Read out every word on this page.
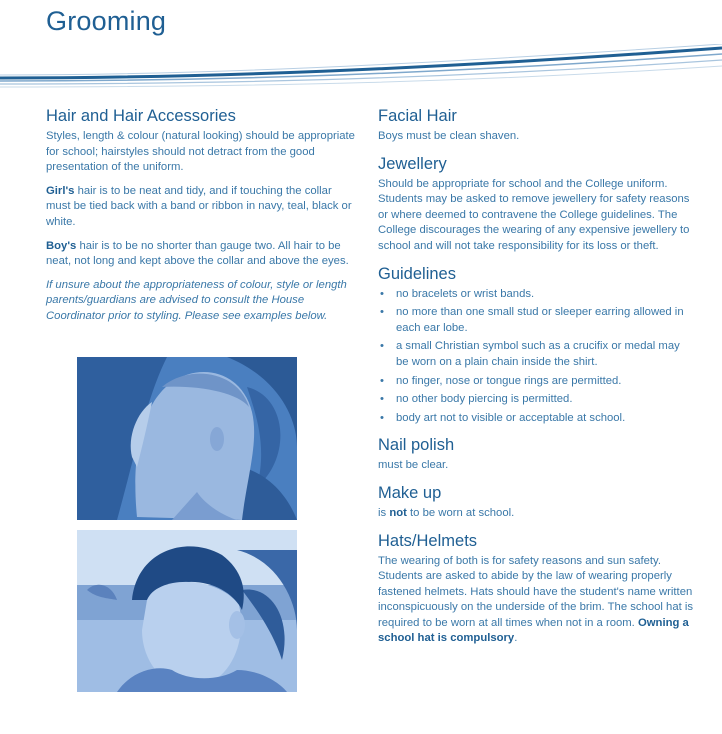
Grooming
Hair and Hair Accessories

Styles, length & colour (natural looking) should be appropriate for school; hairstyles should not detract from the good presentation of the uniform.

Girl's hair is to be neat and tidy, and if touching the collar must be tied back with a band or ribbon in navy, teal, black or white.

Boy's hair is to be no shorter than gauge two. All hair to be neat, not long and kept above the collar and above the eyes.

If unsure about the appropriateness of colour, style or length parents/guardians are advised to consult the House Coordinator prior to styling. Please see examples below.

Facial Hair

Boys must be clean shaven.

Jewellery

Should be appropriate for school and the College uniform. Students may be asked to remove jewellery for safety reasons or where deemed to contravene the College guidelines. The College discourages the wearing of any expensive jewellery to school and will not take responsibility for its loss or theft.

Guidelines
• no bracelets or wrist bands.
• no more than one small stud or sleeper earring allowed in each ear lobe.
• a small Christian symbol such as a crucifix or medal may be worn on a plain chain inside the shirt.
• no finger, nose or tongue rings are permitted.
• no other body piercing is permitted.
• body art not to visible or acceptable at school.
Nail polish

must be clear.

Make up

is not to be worn at school.

Hats/Helmets

The wearing of both is for safety reasons and sun safety. Students are asked to abide by the law of wearing properly fastened helmets. Hats should have the student's name written inconspicuously on the underside of the brim. The school hat is required to be worn at all times when not in a room. Owning a school hat is compulsory.
